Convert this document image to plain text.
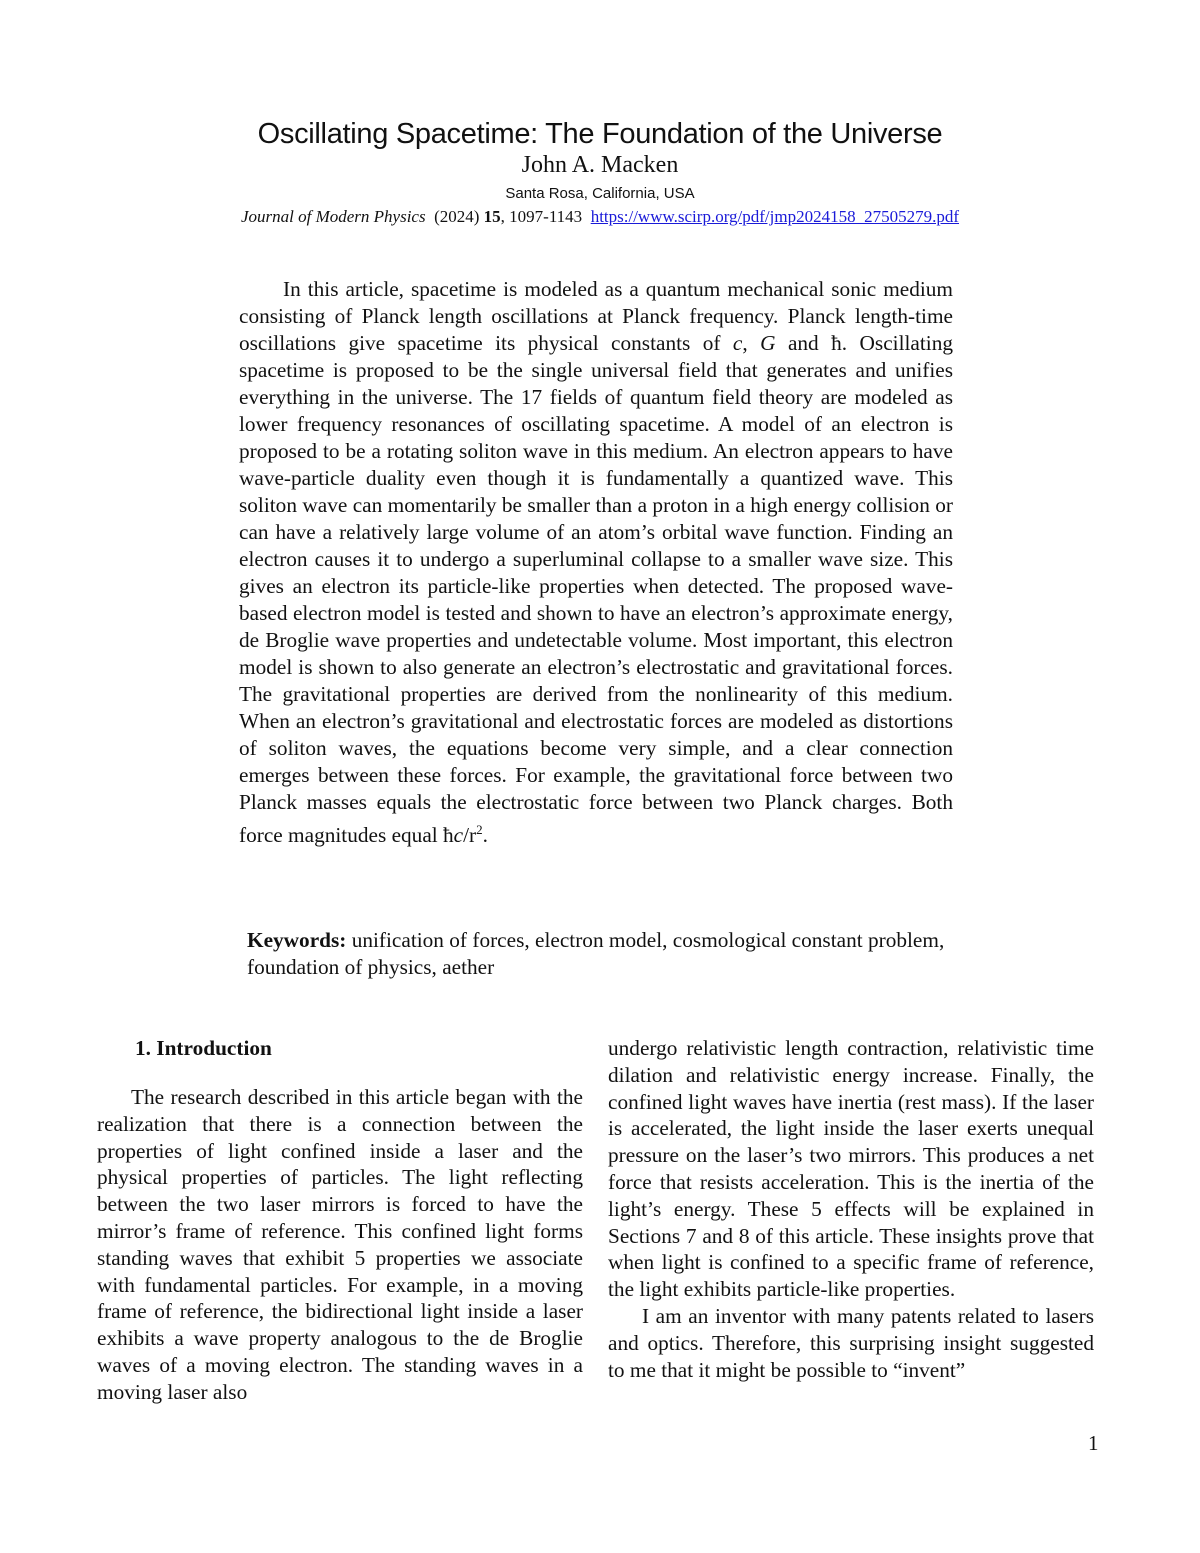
Oscillating Spacetime: The Foundation of the Universe
John A. Macken
Santa Rosa, California, USA
Journal of Modern Physics (2024) 15, 1097-1143 https://www.scirp.org/pdf/jmp2024158_27505279.pdf

In this article, spacetime is modeled as a quantum mechanical sonic medium consisting of Planck length oscillations at Planck frequency. Planck length-time oscillations give spacetime its physical constants of c, G and ħ. Oscillating spacetime is proposed to be the single universal field that generates and unifies everything in the universe. The 17 fields of quantum field theory are modeled as lower frequency resonances of oscillating spacetime. A model of an electron is proposed to be a rotating soliton wave in this medium. An electron appears to have wave-particle duality even though it is fundamentally a quantized wave. This soliton wave can momentarily be smaller than a proton in a high energy collision or can have a relatively large volume of an atom’s orbital wave function. Finding an electron causes it to undergo a superluminal collapse to a smaller wave size. This gives an electron its particle-like properties when detected. The proposed wave-based electron model is tested and shown to have an electron’s approximate energy, de Broglie wave properties and undetectable volume. Most important, this electron model is shown to also generate an electron’s electrostatic and gravitational forces. The gravitational properties are derived from the nonlinearity of this medium. When an electron’s gravitational and electrostatic forces are modeled as distortions of soliton waves, the equations become very simple, and a clear connection emerges between these forces. For example, the gravitational force between two Planck masses equals the electrostatic force between two Planck charges. Both force magnitudes equal $ħc/r^2$.

Keywords: unification of forces, electron model, cosmological constant problem, foundation of physics, aether
1. Introduction

The research described in this article began with the realization that there is a connection between the properties of light confined inside a laser and the physical properties of particles. The light reflecting between the two laser mirrors is forced to have the mirror’s frame of reference. This confined light forms standing waves that exhibit 5 properties we associate with fundamental particles. For example, in a moving frame of reference, the bidirectional light inside a laser exhibits a wave property analogous to the de Broglie waves of a moving electron. The standing waves in a moving laser also

undergo relativistic length contraction, relativistic time dilation and relativistic energy increase. Finally, the confined light waves have inertia (rest mass). If the laser is accelerated, the light inside the laser exerts unequal pressure on the laser’s two mirrors. This produces a net force that resists acceleration. This is the inertia of the light’s energy. These 5 effects will be explained in Sections 7 and 8 of this article. These insights prove that when light is confined to a specific frame of reference, the light exhibits particle-like properties.

I am an inventor with many patents related to lasers and optics. Therefore, this surprising insight suggested to me that it might be possible to “invent”

1
